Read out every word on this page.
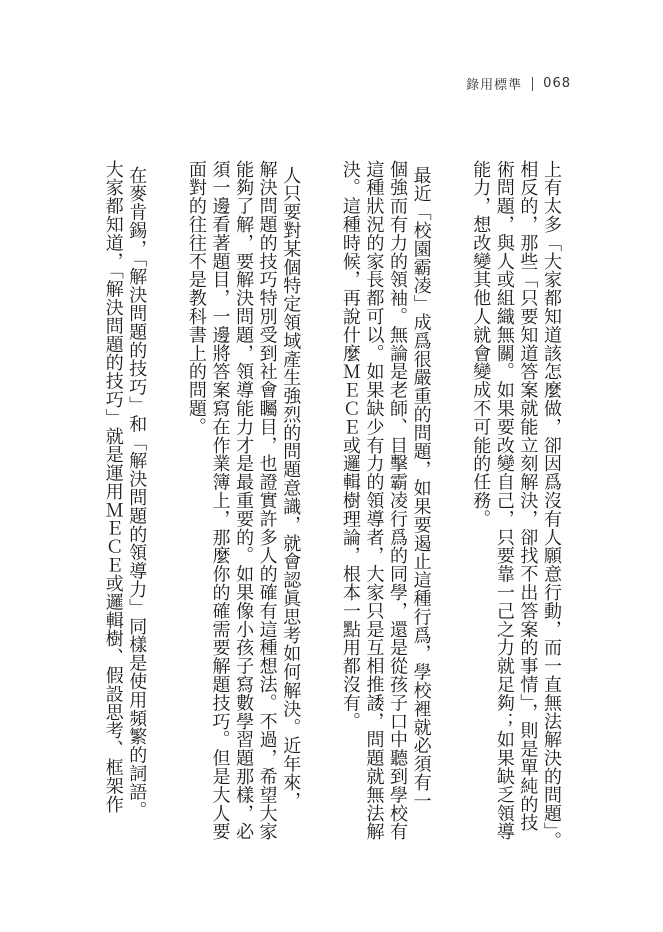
錄用標準 068
上有太多「大家都知道該怎麼做，卻因爲沒有人願意行動，而一直無法解決的問題」。
相反的，那些「只要知道答案就能立刻解決，卻找不出答案的事情」，則是單純的技
術問題，與人或組織無關。如果要改變自己，只要靠一己之力就足夠；如果缺乏領導
能力，想改變其他人就會變成不可能的任務。
最近「校園霸凌」成爲很嚴重的問題，如果要遏止這種行爲，學校裡就必須有一
個強而有力的領袖。無論是老師、目擊霸凌行爲的同學，還是從孩子口中聽到學校有
這種狀況的家長都可以。如果缺少有力的領導者，大家只是互相推諉，問題就無法解
決。這種時候，再說什麼ＭＥＣＥ或邏輯樹理論，根本一點用都沒有。
人只要對某個特定領域產生強烈的問題意識，就會認眞思考如何解決。近年來，
解決問題的技巧特別受到社會矚目，也證實許多人的確有這種想法。不過，希望大家
能夠了解，要解決問題，領導能力才是最重要的。如果像小孩子寫數學習題那樣，必
須一邊看著題目，一邊將答案寫在作業簿上，那麼你的確需要解題技巧。但是大人要
面對的往往不是教科書上的問題。
在麥肯錫，「解決問題的技巧」和「解決問題的領導力」同樣是使用頻繁的詞語。
大家都知道，「解決問題的技巧」就是運用ＭＥＣＥ或邏輯樹、假設思考、框架作
